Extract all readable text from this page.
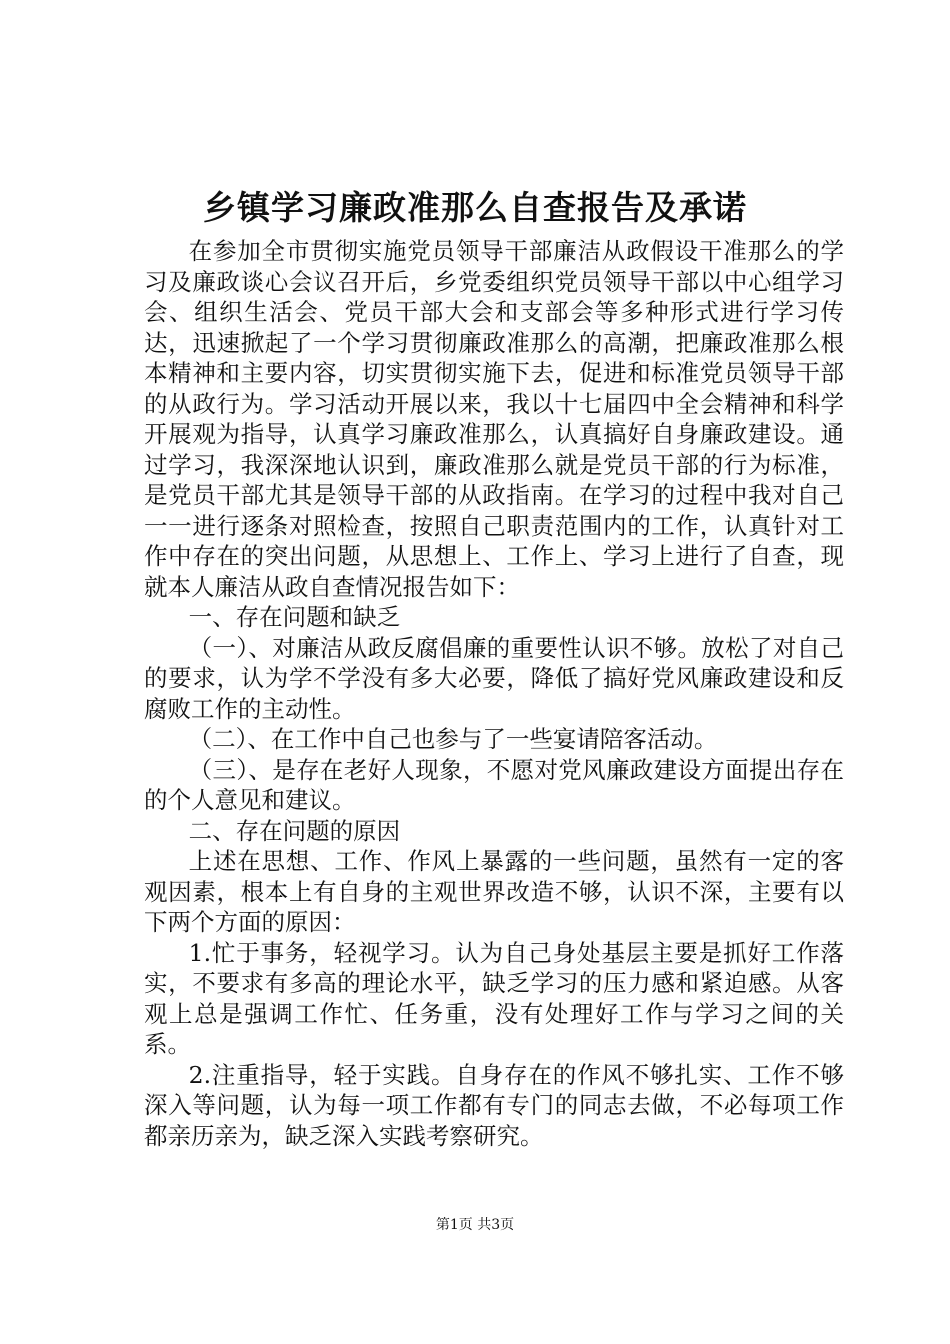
乡镇学习廉政准那么自查报告及承诺

在参加全市贯彻实施党员领导干部廉洁从政假设干准那么的学习及廉政谈心会议召开后，乡党委组织党员领导干部以中心组学习会、组织生活会、党员干部大会和支部会等多种形式进行学习传达，迅速掀起了一个学习贯彻廉政准那么的高潮，把廉政准那么根本精神和主要内容，切实贯彻实施下去，促进和标准党员领导干部的从政行为。学习活动开展以来，我以十七届四中全会精神和科学开展观为指导，认真学习廉政准那么，认真搞好自身廉政建设。通过学习，我深深地认识到，廉政准那么就是党员干部的行为标准，是党员干部尤其是领导干部的从政指南。在学习的过程中我对自己一一进行逐条对照检查，按照自己职责范围内的工作，认真针对工作中存在的突出问题，从思想上、工作上、学习上进行了自查，现就本人廉洁从政自查情况报告如下：

一、存在问题和缺乏

（一）、对廉洁从政反腐倡廉的重要性认识不够。放松了对自己的要求，认为学不学没有多大必要，降低了搞好党风廉政建设和反腐败工作的主动性。

（二）、在工作中自己也参与了一些宴请陪客活动。

（三）、是存在老好人现象，不愿对党风廉政建设方面提出存在的个人意见和建议。

二、存在问题的原因

上述在思想、工作、作风上暴露的一些问题，虽然有一定的客观因素，根本上有自身的主观世界改造不够，认识不深，主要有以下两个方面的原因：

1.忙于事务，轻视学习。认为自己身处基层主要是抓好工作落实，不要求有多高的理论水平，缺乏学习的压力感和紧迫感。从客观上总是强调工作忙、任务重，没有处理好工作与学习之间的关系。

2.注重指导，轻于实践。自身存在的作风不够扎实、工作不够深入等问题，认为每一项工作都有专门的同志去做，不必每项工作都亲历亲为，缺乏深入实践考察研究。

第1页 共3页
